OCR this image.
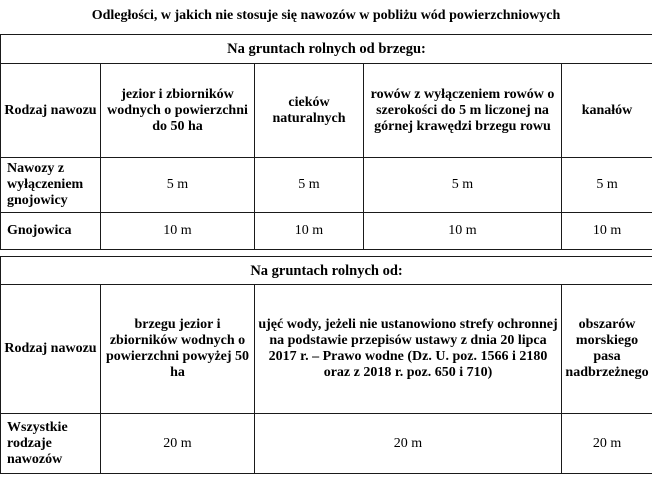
Odległości, w jakich nie stosuje się nawozów w pobliżu wód powierzchniowych
Na gruntach rolnych od brzegu:				
Rodzaj nawozu	jezior i zbiorników wodnych o powierzchni do 50 ha	cieków naturalnych	rowów z wyłączeniem rowów o szerokości do 5 m liczonej na górnej krawędzi brzegu rowu	kanałów
Nawozy z wyłączeniem gnojowicy	5 m	5 m	5 m	5 m
Gnojowica	10 m	10 m	10 m	10 m

Na gruntach rolnych od:				
Rodzaj nawozu	brzegu jezior i zbiorników wodnych o powierzchni powyżej 50 ha	ujęć wody, jeżeli nie ustanowiono strefy ochronnej na podstawie przepisów ustawy z dnia 20 lipca 2017 r. – Prawo wodne (Dz. U. poz. 1566 i 2180 oraz z 2018 r. poz. 650 i 710)		obszarów morskiego pasa nadbrzeżnego
Wszystkie rodzaje nawozów	20 m	20 m		20 m
